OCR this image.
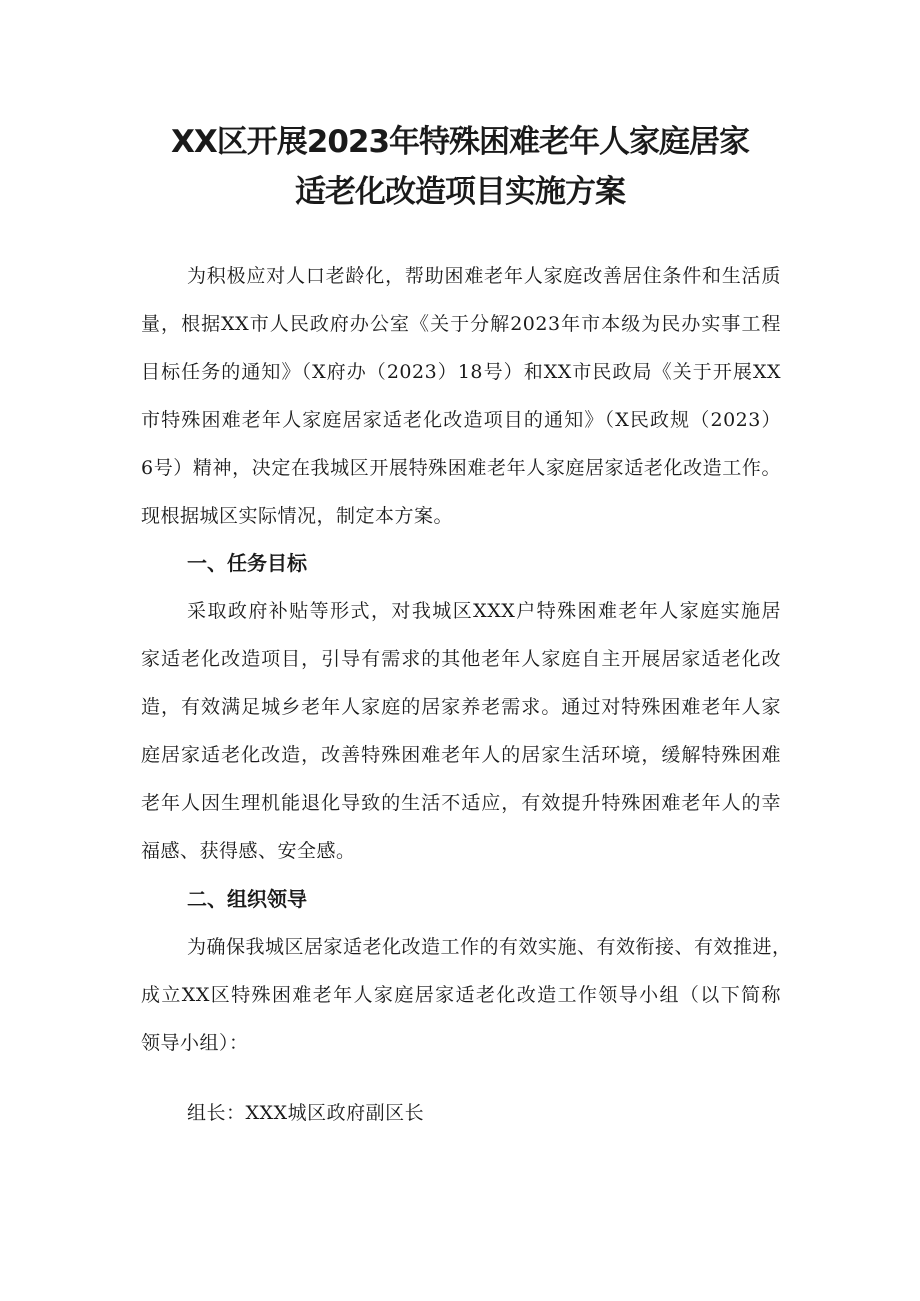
XX区开展2023年特殊困难老年人家庭居家
适老化改造项目实施方案

为积极应对人口老龄化，帮助困难老年人家庭改善居住条件和生活质

量，根据XX市人民政府办公室《关于分解2023年市本级为民办实事工程

目标任务的通知》（X府办（2023）18号）和XX市民政局《关于开展XX

市特殊困难老年人家庭居家适老化改造项目的通知》（X民政规（2023）

6号）精神，决定在我城区开展特殊困难老年人家庭居家适老化改造工作。

现根据城区实际情况，制定本方案。

一、任务目标

采取政府补贴等形式，对我城区XXX户特殊困难老年人家庭实施居

家适老化改造项目，引导有需求的其他老年人家庭自主开展居家适老化改

造，有效满足城乡老年人家庭的居家养老需求。通过对特殊困难老年人家

庭居家适老化改造，改善特殊困难老年人的居家生活环境，缓解特殊困难

老年人因生理机能退化导致的生活不适应，有效提升特殊困难老年人的幸

福感、获得感、安全感。

二、组织领导

为确保我城区居家适老化改造工作的有效实施、有效衔接、有效推进，

成立XX区特殊困难老年人家庭居家适老化改造工作领导小组（以下简称

领导小组）：

组长：XXX城区政府副区长
